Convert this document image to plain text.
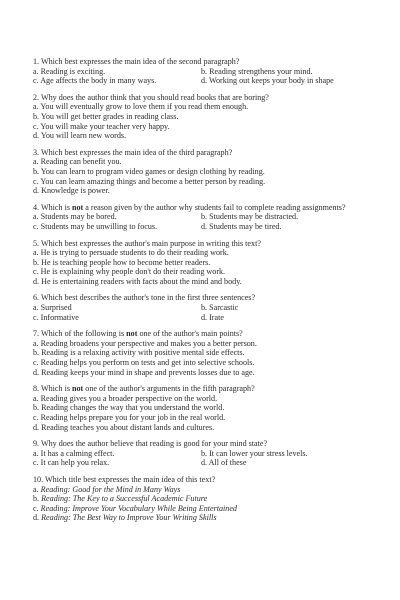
1. Which best expresses the main idea of the second paragraph?
a. Reading is exciting.	b. Reading strengthens your mind.
c. Age affects the body in many ways.	d. Working out keeps your body in shape
2. Why does the author think that you should read books that are boring?
a. You will eventually grow to love them if you read them enough.
b. You will get better grades in reading class.
c. You will make your teacher very happy.
d. You will learn new words.
3. Which best expresses the main idea of the third paragraph?
a. Reading can benefit you.
b. You can learn to program video games or design clothing by reading.
c. You can learn amazing things and become a better person by reading.
d. Knowledge is power.
4. Which is not a reason given by the author why students fail to complete reading assignments?
a. Students may be bored.	b. Students may be distracted.
c. Students may be unwilling to focus.	d. Students may be tired.
5. Which best expresses the author's main purpose in writing this text?
a. He is trying to persuade students to do their reading work.
b. He is teaching people how to become better readers.
c. He is explaining why people don't do their reading work.
d. He is entertaining readers with facts about the mind and body.
6. Which best describes the author's tone in the first three sentences?
a. Surprised	b. Sarcastic
c. Informative	d. Irate
7. Which of the following is not one of the author's main points?
a. Reading broadens your perspective and makes you a better person.
b. Reading is a relaxing activity with positive mental side effects.
c. Reading helps you perform on tests and get into selective schools.
d. Reading keeps your mind in shape and prevents losses due to age.
8. Which is not one of the author's arguments in the fifth paragraph?
a. Reading gives you a broader perspective on the world.
b. Reading changes the way that you understand the world.
c. Reading helps prepare you for your job in the real world.
d. Reading teaches you about distant lands and cultures.
9. Why does the author believe that reading is good for your mind state?
a. It has a calming effect.	b. It can lower your stress levels.
c. It can help you relax.	d. All of these
10. Which title best expresses the main idea of this text?
a. Reading: Good for the Mind in Many Ways
b. Reading: The Key to a Successful Academic Future
c. Reading: Improve Your Vocabulary While Being Entertained
d. Reading: The Best Way to Improve Your Writing Skills
